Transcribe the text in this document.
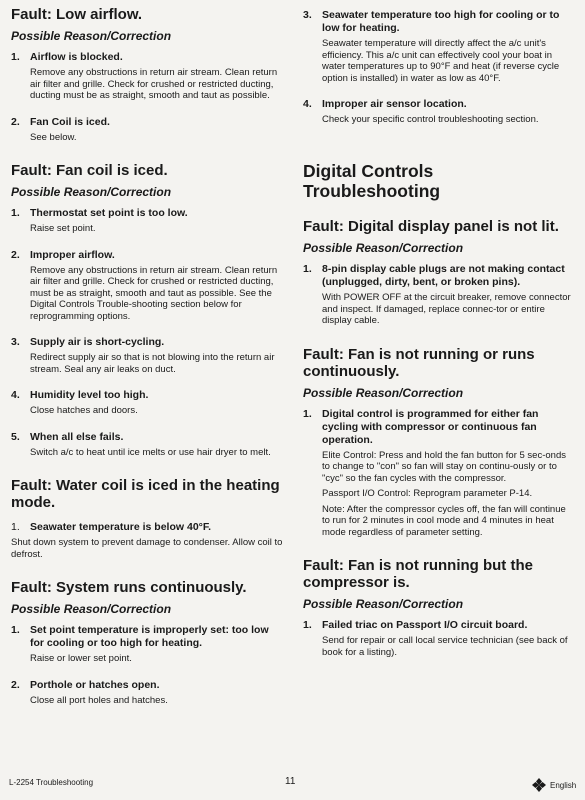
Fault: Low airflow.
Possible Reason/Correction
1. Airflow is blocked.
Remove any obstructions in return air stream. Clean return air filter and grille. Check for crushed or restricted ducting, ducting must be as straight, smooth and taut as possible.
2. Fan Coil is iced.
See below.
Fault: Fan coil is iced.
Possible Reason/Correction
1. Thermostat set point is too low.
Raise set point.
2. Improper airflow.
Remove any obstructions in return air stream. Clean return air filter and grille. Check for crushed or restricted ducting, must be as straight, smooth and taut as possible. See the Digital Controls Trouble-shooting section below for reprogramming options.
3. Supply air is short-cycling.
Redirect supply air so that is not blowing into the return air stream. Seal any air leaks on duct.
4. Humidity level too high.
Close hatches and doors.
5. When all else fails.
Switch a/c to heat until ice melts or use hair dryer to melt.
Fault: Water coil is iced in the heating mode.
1. Seawater temperature is below 40°F.
Shut down system to prevent damage to condenser. Allow coil to defrost.
Fault: System runs continuously.
Possible Reason/Correction
1. Set point temperature is improperly set: too low for cooling or too high for heating.
Raise or lower set point.
2. Porthole or hatches open.
Close all port holes and hatches.
3. Seawater temperature too high for cooling or to low for heating.
Seawater temperature will directly affect the a/c unit's efficiency. This a/c unit can effectively cool your boat in water temperatures up to 90°F and heat (if reverse cycle option is installed) in water as low as 40°F.
4. Improper air sensor location.
Check your specific control troubleshooting section.
Digital Controls Troubleshooting
Fault: Digital display panel is not lit.
Possible Reason/Correction
1. 8-pin display cable plugs are not making contact (unplugged, dirty, bent, or broken pins).
With POWER OFF at the circuit breaker, remove connector and inspect. If damaged, replace connec-tor or entire display cable.
Fault: Fan is not running or runs continuously.
Possible Reason/Correction
1. Digital control is programmed for either fan cycling with compressor or continuous fan operation.
Elite Control: Press and hold the fan button for 5 sec-onds to change to "con" so fan will stay on continu-ously or to "cyc" so the fan cycles with the compressor.
Passport I/O Control: Reprogram parameter P-14.
Note: After the compressor cycles off, the fan will continue to run for 2 minutes in cool mode and 4 minutes in heat mode regardless of parameter setting.
Fault: Fan is not running but the compressor is.
Possible Reason/Correction
1. Failed triac on Passport I/O circuit board.
Send for repair or call local service technician (see back of book for a listing).
L-2254 Troubleshooting	11	English
